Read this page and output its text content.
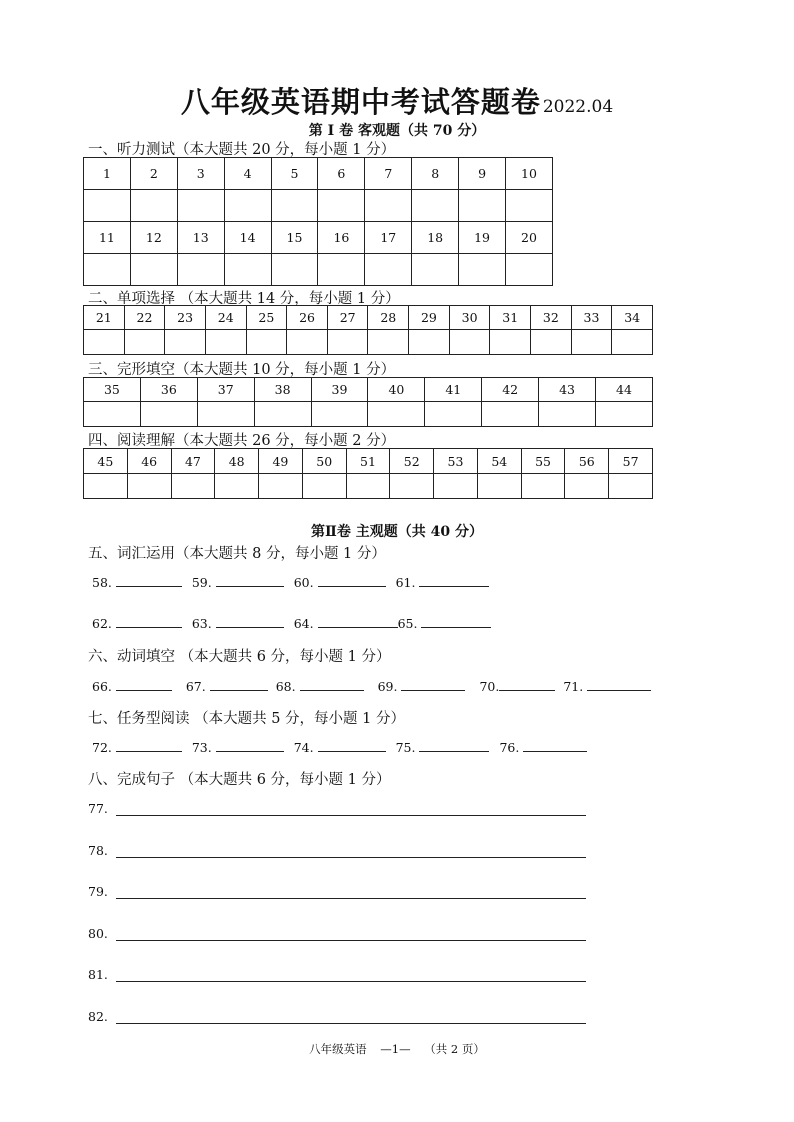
八年级英语期中考试答题卷 2022.04
第 I 卷 客观题（共 70 分）
一、听力测试（本大题共 20 分，每小题 1 分）
1	2	3	4	5	6	7	8	9	10

11	12	13	14	15	16	17	18	19	20

二、单项选择 （本大题共 14 分，每小题 1 分）
21	22	23	24	25	26	27	28	29	30	31	32	33	34

三、完形填空（本大题共 10 分，每小题 1 分）
35	36	37	38	39	40	41	42	43	44

四、阅读理解（本大题共 26 分，每小题 2 分）
45	46	47	48	49	50	51	52	53	54	55	56	57

第Ⅱ卷 主观题（共 40 分）
五、词汇运用（本大题共 8 分，每小题 1 分）
58.	59.	60.	61.
62.	63.	64.	65.
六、动词填空 （本大题共 6 分，每小题 1 分）
66.	67.	68.	69.	70.	71.
七、任务型阅读 （本大题共 5 分，每小题 1 分）
72.	73.	74.	75.	76.
八、完成句子 （本大题共 6 分，每小题 1 分）
77.
78.
79.
80.
81.
82.
八年级英语 —1— （共 2 页）
